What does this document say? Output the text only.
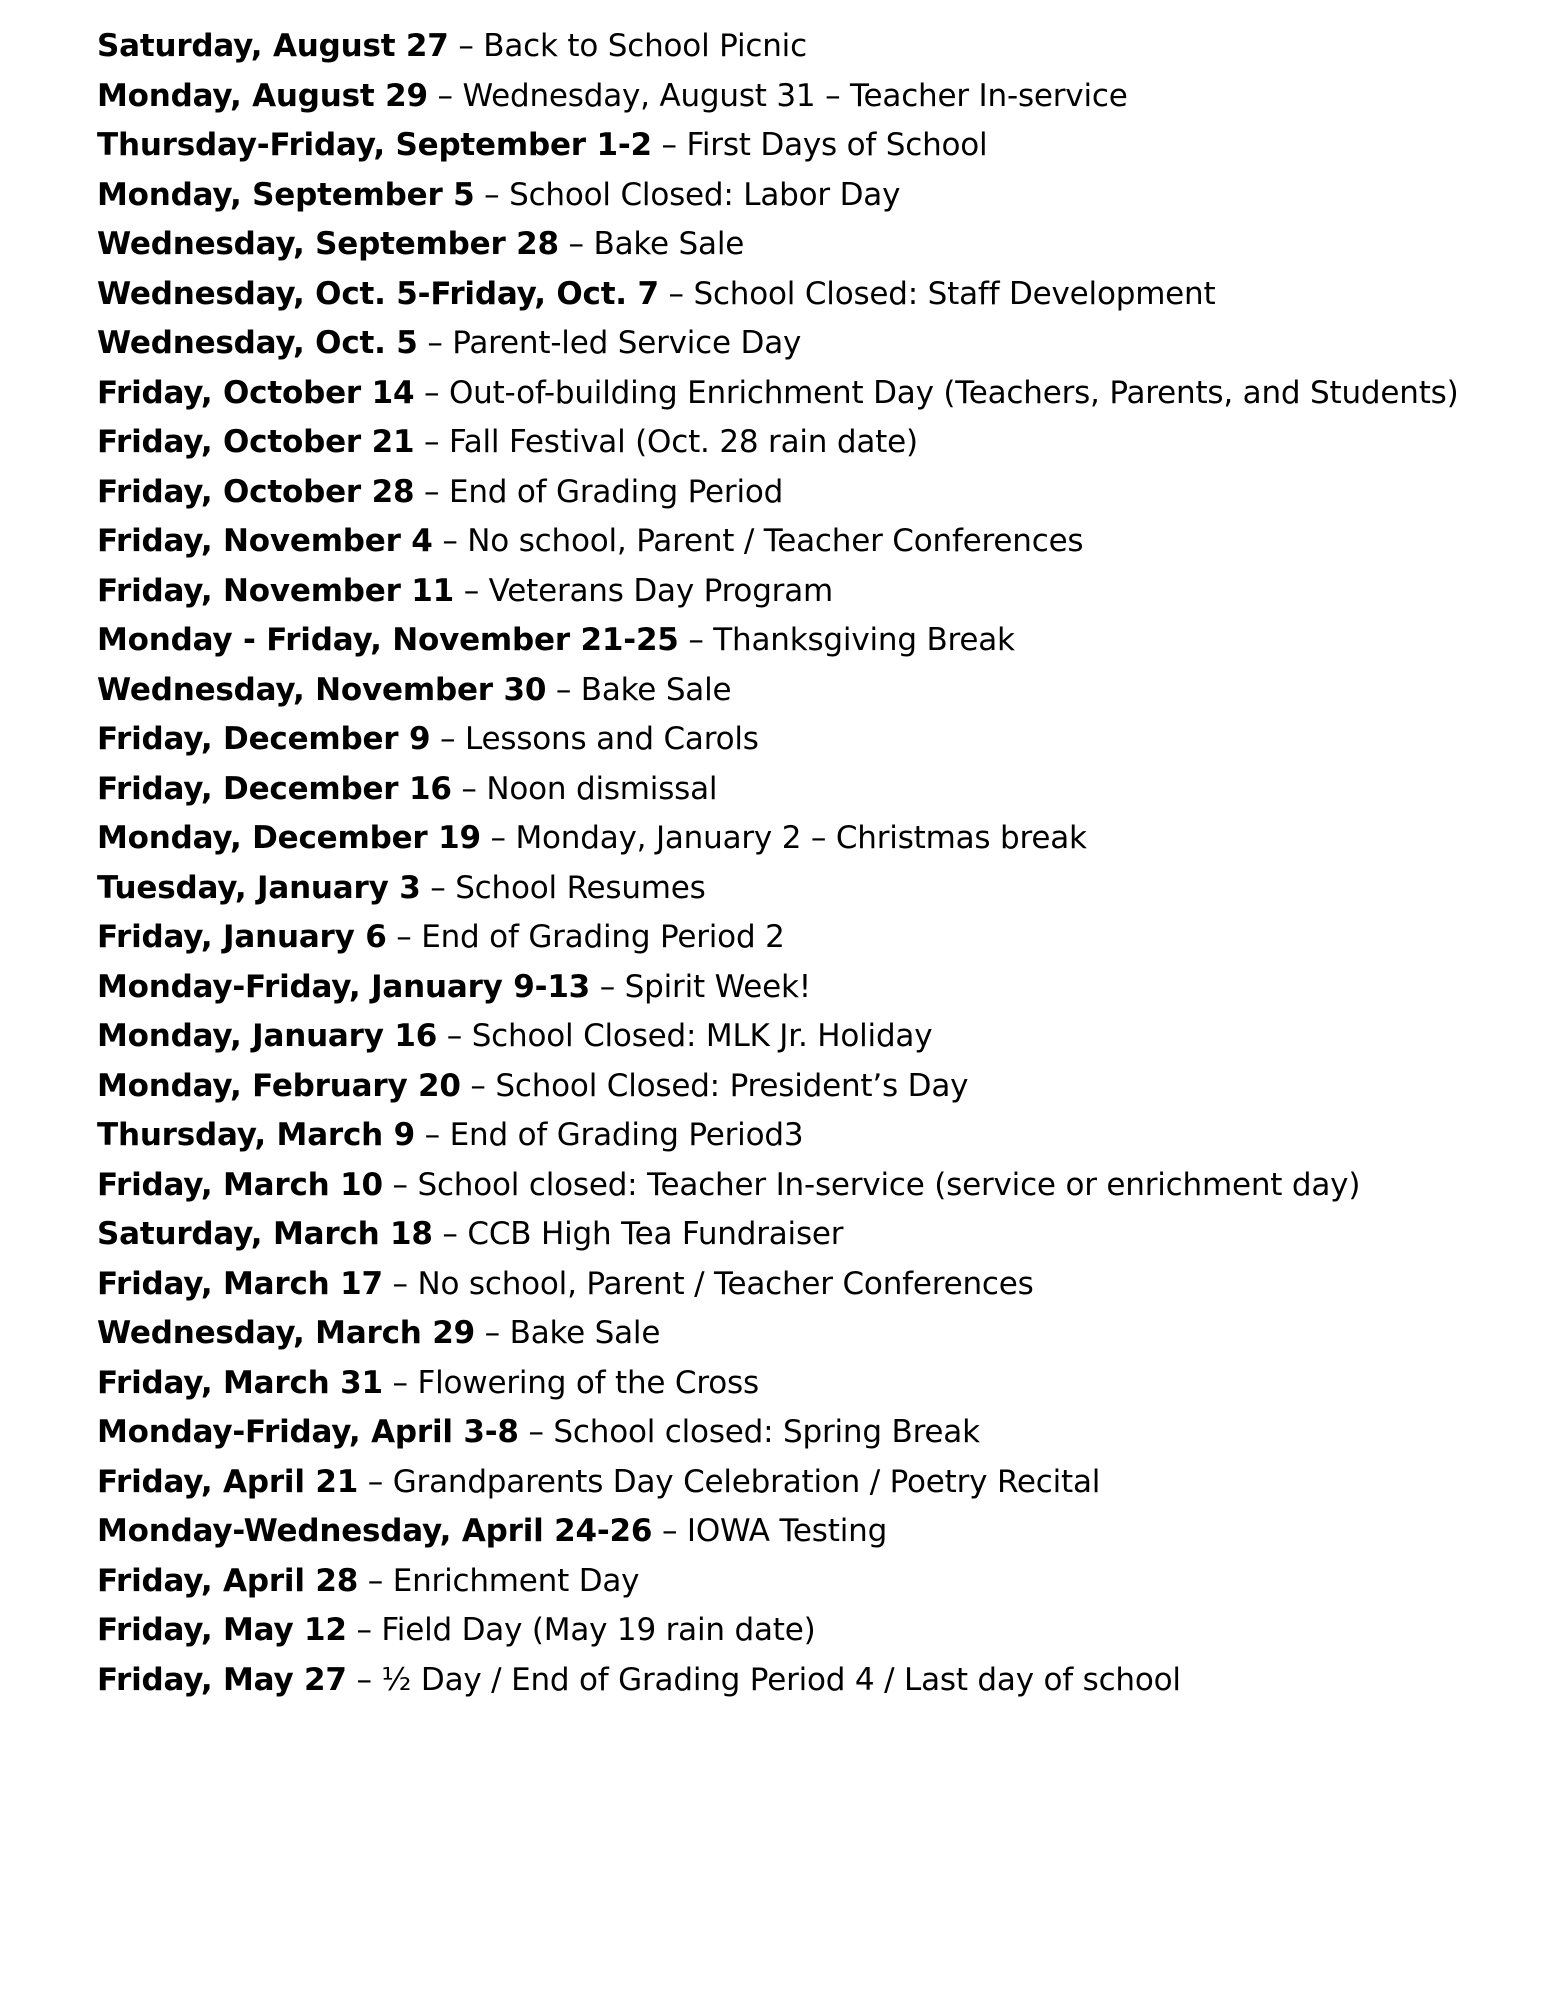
Saturday, August 27 – Back to School Picnic
Monday, August 29 – Wednesday, August 31 – Teacher In-service
Thursday-Friday, September 1-2 – First Days of School
Monday, September 5 – School Closed: Labor Day
Wednesday, September 28 – Bake Sale
Wednesday, Oct. 5-Friday, Oct. 7 – School Closed: Staff Development
Wednesday, Oct. 5 – Parent-led Service Day
Friday, October 14 – Out-of-building Enrichment Day (Teachers, Parents, and Students)
Friday, October 21 – Fall Festival (Oct. 28 rain date)
Friday, October 28 – End of Grading Period
Friday, November 4 – No school, Parent / Teacher Conferences
Friday, November 11 – Veterans Day Program
Monday - Friday, November 21-25 – Thanksgiving Break
Wednesday, November 30 – Bake Sale
Friday, December 9 – Lessons and Carols
Friday, December 16 – Noon dismissal
Monday, December 19 – Monday, January 2 – Christmas break
Tuesday, January 3 – School Resumes
Friday, January 6 – End of Grading Period 2
Monday-Friday, January 9-13 – Spirit Week!
Monday, January 16 – School Closed: MLK Jr. Holiday
Monday, February 20 – School Closed: President’s Day
Thursday, March 9 – End of Grading Period3
Friday, March 10 – School closed: Teacher In-service (service or enrichment day)
Saturday, March 18 – CCB High Tea Fundraiser
Friday, March 17 – No school, Parent / Teacher Conferences
Wednesday, March 29 – Bake Sale
Friday, March 31 – Flowering of the Cross
Monday-Friday, April 3-8 – School closed: Spring Break
Friday, April 21 – Grandparents Day Celebration / Poetry Recital
Monday-Wednesday, April 24-26 – IOWA Testing
Friday, April 28 – Enrichment Day
Friday, May 12 – Field Day (May 19 rain date)
Friday, May 27 – ½ Day / End of Grading Period 4 / Last day of school
